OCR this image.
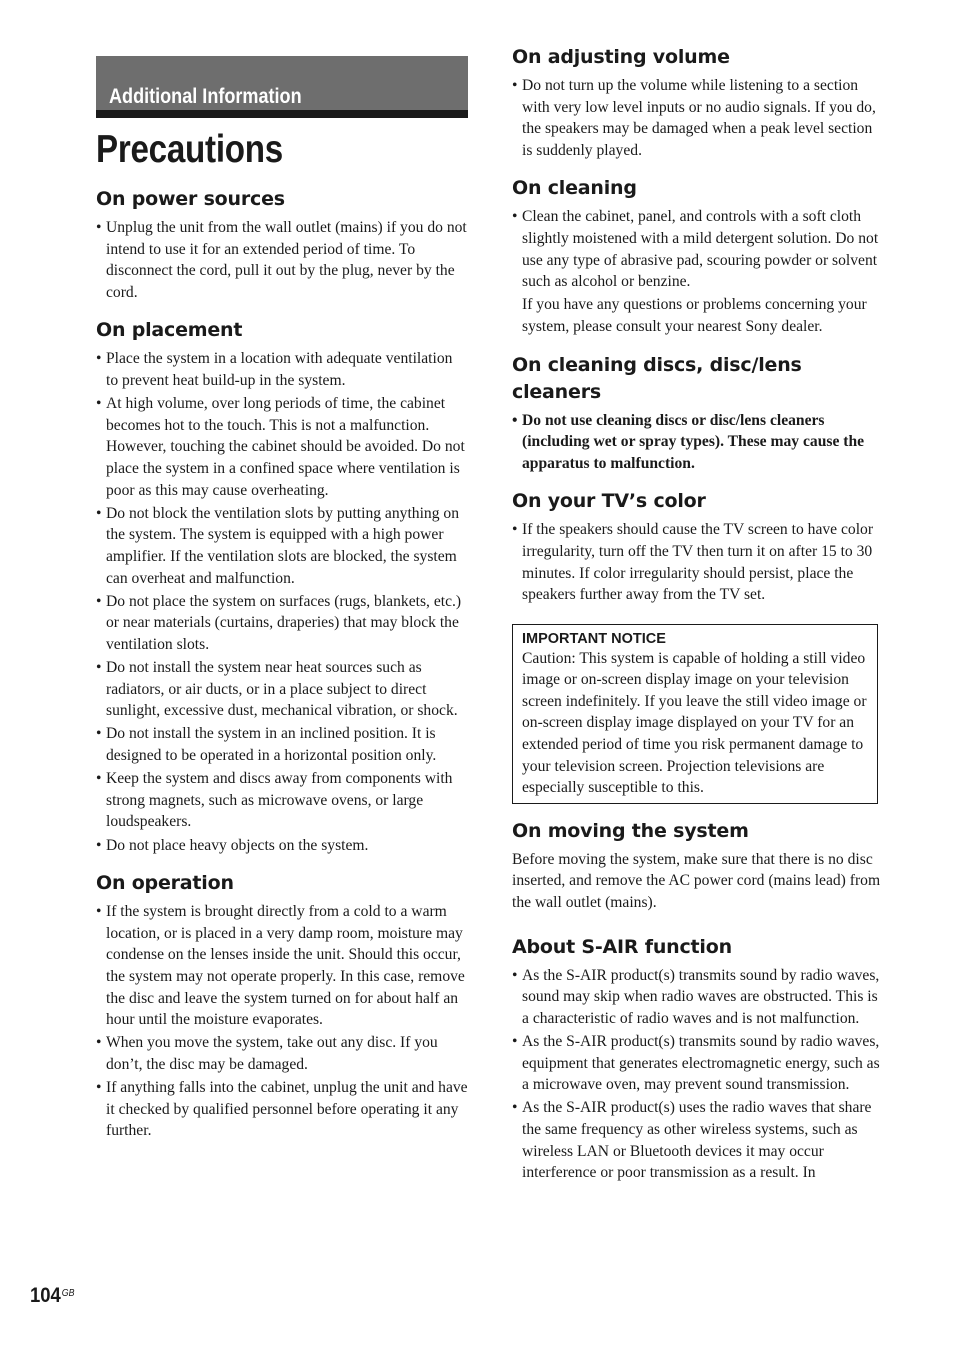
Additional Information
Precautions
On power sources
• Unplug the unit from the wall outlet (mains) if you do not intend to use it for an extended period of time. To disconnect the cord, pull it out by the plug, never by the cord.
On placement
• Place the system in a location with adequate ventilation to prevent heat build-up in the system.
• At high volume, over long periods of time, the cabinet becomes hot to the touch. This is not a malfunction. However, touching the cabinet should be avoided. Do not place the system in a confined space where ventilation is poor as this may cause overheating.
• Do not block the ventilation slots by putting anything on the system. The system is equipped with a high power amplifier. If the ventilation slots are blocked, the system can overheat and malfunction.
• Do not place the system on surfaces (rugs, blankets, etc.) or near materials (curtains, draperies) that may block the ventilation slots.
• Do not install the system near heat sources such as radiators, or air ducts, or in a place subject to direct sunlight, excessive dust, mechanical vibration, or shock.
• Do not install the system in an inclined position. It is designed to be operated in a horizontal position only.
• Keep the system and discs away from components with strong magnets, such as microwave ovens, or large loudspeakers.
• Do not place heavy objects on the system.
On operation
• If the system is brought directly from a cold to a warm location, or is placed in a very damp room, moisture may condense on the lenses inside the unit. Should this occur, the system may not operate properly. In this case, remove the disc and leave the system turned on for about half an hour until the moisture evaporates.
• When you move the system, take out any disc. If you don’t, the disc may be damaged.
• If anything falls into the cabinet, unplug the unit and have it checked by qualified personnel before operating it any further.
On adjusting volume
• Do not turn up the volume while listening to a section with very low level inputs or no audio signals. If you do, the speakers may be damaged when a peak level section is suddenly played.
On cleaning
• Clean the cabinet, panel, and controls with a soft cloth slightly moistened with a mild detergent solution. Do not use any type of abrasive pad, scouring powder or solvent such as alcohol or benzine.

If you have any questions or problems concerning your system, please consult your nearest Sony dealer.

On cleaning discs, disc/lens cleaners
• Do not use cleaning discs or disc/lens cleaners (including wet or spray types). These may cause the apparatus to malfunction.
On your TV’s color
• If the speakers should cause the TV screen to have color irregularity, turn off the TV then turn it on after 15 to 30 minutes. If color irregularity should persist, place the speakers further away from the TV set.
IMPORTANT NOTICE

Caution: This system is capable of holding a still video image or on-screen display image on your television screen indefinitely. If you leave the still video image or on-screen display image displayed on your TV for an extended period of time you risk permanent damage to your television screen. Projection televisions are especially susceptible to this.

On moving the system

Before moving the system, make sure that there is no disc inserted, and remove the AC power cord (mains lead) from the wall outlet (mains).

About S-AIR function
• As the S-AIR product(s) transmits sound by radio waves, sound may skip when radio waves are obstructed. This is a characteristic of radio waves and is not malfunction.
• As the S-AIR product(s) transmits sound by radio waves, equipment that generates electromagnetic energy, such as a microwave oven, may prevent sound transmission.
• As the S-AIR product(s) uses the radio waves that share the same frequency as other wireless systems, such as wireless LAN or Bluetooth devices it may occur interference or poor transmission as a result. In
$104^{GB}$
